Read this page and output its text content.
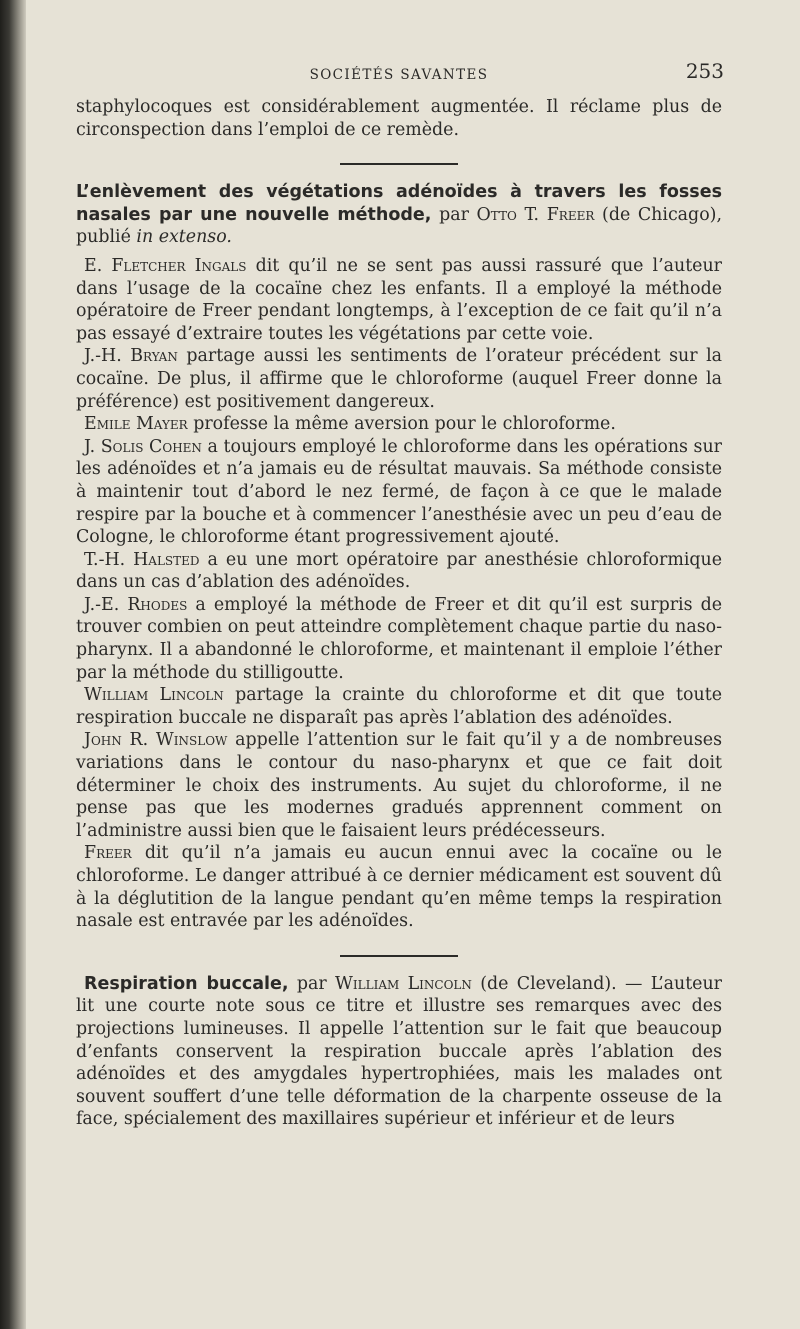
SOCIÉTÉS SAVANTES	253

staphylocoques est considérablement augmentée. Il réclame plus de circonspection dans l’emploi de ce remède.

L’enlèvement des végétations adénoïdes à travers les fosses nasales par une nouvelle méthode, par Otto T. Freer (de Chicago), publié in extenso.

E. Fletcher Ingals dit qu’il ne se sent pas aussi rassuré que l’auteur dans l’usage de la cocaïne chez les enfants. Il a employé la méthode opératoire de Freer pendant longtemps, à l’exception de ce fait qu’il n’a pas essayé d’extraire toutes les végétations par cette voie.

J.-H. Bryan partage aussi les sentiments de l’orateur précédent sur la cocaïne. De plus, il affirme que le chloroforme (auquel Freer donne la préférence) est positivement dangereux.

Emile Mayer professe la même aversion pour le chloroforme.

J. Solis Cohen a toujours employé le chloroforme dans les opérations sur les adénoïdes et n’a jamais eu de résultat mauvais. Sa méthode consiste à maintenir tout d’abord le nez fermé, de façon à ce que le malade respire par la bouche et à commencer l’anesthésie avec un peu d’eau de Cologne, le chloroforme étant progressivement ajouté.

T.-H. Halsted a eu une mort opératoire par anesthésie chloroformique dans un cas d’ablation des adénoïdes.

J.-E. Rhodes a employé la méthode de Freer et dit qu’il est surpris de trouver combien on peut atteindre complètement chaque partie du naso-pharynx. Il a abandonné le chloroforme, et maintenant il emploie l’éther par la méthode du stilligoutte.

William Lincoln partage la crainte du chloroforme et dit que toute respiration buccale ne disparaît pas après l’ablation des adénoïdes.

John R. Winslow appelle l’attention sur le fait qu’il y a de nombreuses variations dans le contour du naso-pharynx et que ce fait doit déterminer le choix des instruments. Au sujet du chloroforme, il ne pense pas que les modernes gradués apprennent comment on l’administre aussi bien que le faisaient leurs prédécesseurs.

Freer dit qu’il n’a jamais eu aucun ennui avec la cocaïne ou le chloroforme. Le danger attribué à ce dernier médicament est souvent dû à la déglutition de la langue pendant qu’en même temps la respiration nasale est entravée par les adénoïdes.

Respiration buccale, par William Lincoln (de Cleveland). — L’auteur lit une courte note sous ce titre et illustre ses remarques avec des projections lumineuses. Il appelle l’attention sur le fait que beaucoup d’enfants conservent la respiration buccale après l’ablation des adénoïdes et des amygdales hypertrophiées, mais les malades ont souvent souffert d’une telle déformation de la charpente osseuse de la face, spécialement des maxillaires supérieur et inférieur et de leurs
